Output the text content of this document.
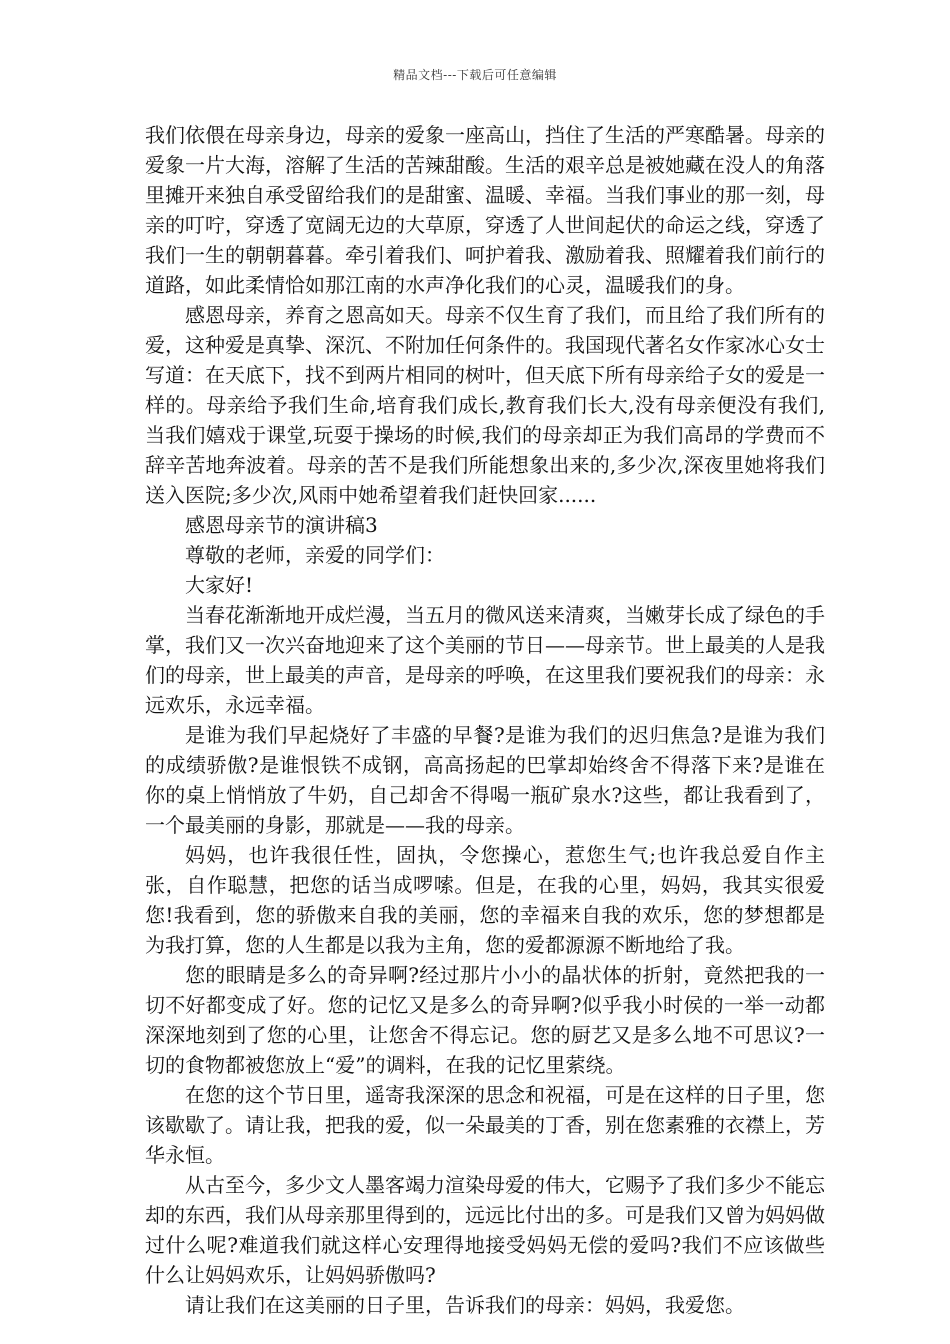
精品文档---下载后可任意编辑

我们依偎在母亲身边，母亲的爱象一座高山，挡住了生活的严寒酷暑。母亲的爱象一片大海，溶解了生活的苦辣甜酸。生活的艰辛总是被她藏在没人的角落里摊开来独自承受留给我们的是甜蜜、温暖、幸福。当我们事业的那一刻，母亲的叮咛，穿透了宽阔无边的大草原，穿透了人世间起伏的命运之线，穿透了我们一生的朝朝暮暮。牵引着我们、呵护着我、激励着我、照耀着我们前行的道路，如此柔情恰如那江南的水声净化我们的心灵，温暖我们的身。

感恩母亲，养育之恩高如天。母亲不仅生育了我们，而且给了我们所有的爱，这种爱是真挚、深沉、不附加任何条件的。我国现代著名女作家冰心女士写道：在天底下，找不到两片相同的树叶，但天底下所有母亲给子女的爱是一样的。母亲给予我们生命,培育我们成长,教育我们长大,没有母亲便没有我们,当我们嬉戏于课堂,玩耍于操场的时候,我们的母亲却正为我们高昂的学费而不辞辛苦地奔波着。母亲的苦不是我们所能想象出来的,多少次,深夜里她将我们送入医院;多少次,风雨中她希望着我们赶快回家......

感恩母亲节的演讲稿3

尊敬的老师，亲爱的同学们：

大家好!

当春花渐渐地开成烂漫，当五月的微风送来清爽，当嫩芽长成了绿色的手掌，我们又一次兴奋地迎来了这个美丽的节日——母亲节。世上最美的人是我们的母亲，世上最美的声音，是母亲的呼唤，在这里我们要祝我们的母亲：永远欢乐，永远幸福。

是谁为我们早起烧好了丰盛的早餐?是谁为我们的迟归焦急?是谁为我们的成绩骄傲?是谁恨铁不成钢，高高扬起的巴掌却始终舍不得落下来?是谁在你的桌上悄悄放了牛奶，自己却舍不得喝一瓶矿泉水?这些，都让我看到了，一个最美丽的身影，那就是——我的母亲。

妈妈，也许我很任性，固执，令您操心，惹您生气;也许我总爱自作主张，自作聪慧，把您的话当成啰嗦。但是，在我的心里，妈妈，我其实很爱您!我看到，您的骄傲来自我的美丽，您的幸福来自我的欢乐，您的梦想都是为我打算，您的人生都是以我为主角，您的爱都源源不断地给了我。

您的眼睛是多么的奇异啊?经过那片小小的晶状体的折射，竟然把我的一切不好都变成了好。您的记忆又是多么的奇异啊?似乎我小时侯的一举一动都深深地刻到了您的心里，让您舍不得忘记。您的厨艺又是多么地不可思议?一切的食物都被您放上“爱”的调料，在我的记忆里萦绕。

在您的这个节日里，遥寄我深深的思念和祝福，可是在这样的日子里，您该歇歇了。请让我，把我的爱，似一朵最美的丁香，别在您素雅的衣襟上，芳华永恒。

从古至今，多少文人墨客竭力渲染母爱的伟大，它赐予了我们多少不能忘却的东西，我们从母亲那里得到的，远远比付出的多。可是我们又曾为妈妈做过什么呢?难道我们就这样心安理得地接受妈妈无偿的爱吗?我们不应该做些什么让妈妈欢乐，让妈妈骄傲吗?

请让我们在这美丽的日子里，告诉我们的母亲：妈妈，我爱您。
